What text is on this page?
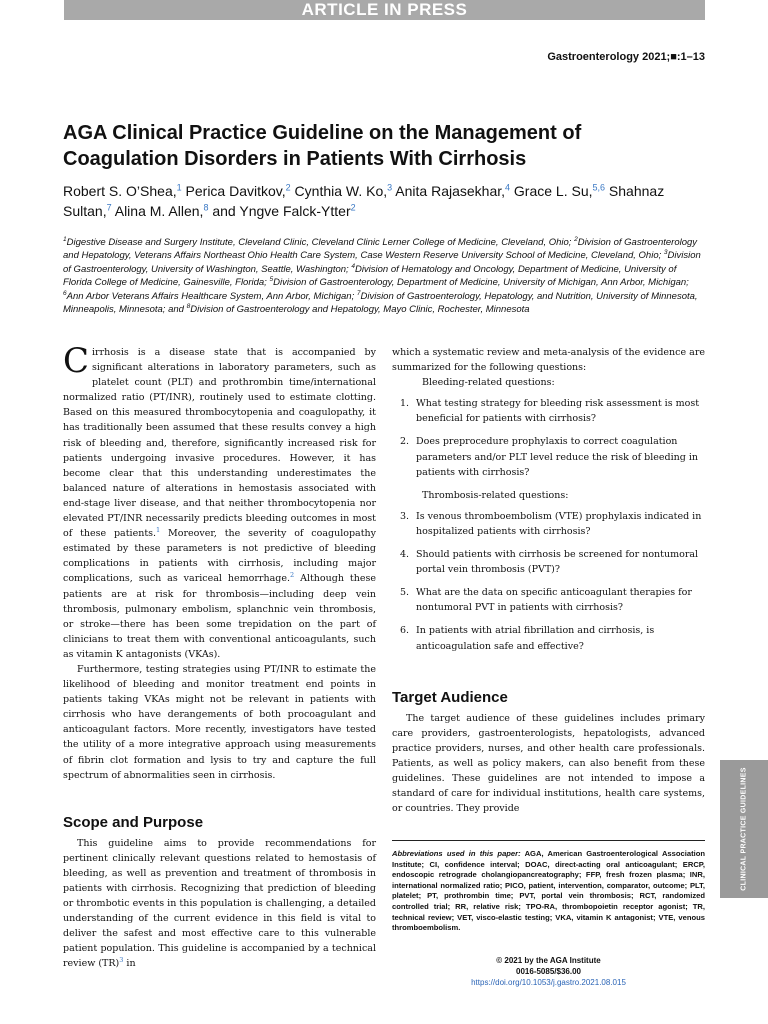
ARTICLE IN PRESS
Gastroenterology 2021;■:1–13
AGA Clinical Practice Guideline on the Management of Coagulation Disorders in Patients With Cirrhosis
Robert S. O’Shea,$^1$ Perica Davitkov,$^2$ Cynthia W. Ko,$^3$ Anita Rajasekhar,$^4$ Grace L. Su,$^{5,6}$ Shahnaz Sultan,$^7$ Alina M. Allen,$^8$ and Yngve Falck-Ytter$^2$
$^1$Digestive Disease and Surgery Institute, Cleveland Clinic, Cleveland Clinic Lerner College of Medicine, Cleveland, Ohio; $^2$Division of Gastroenterology and Hepatology, Veterans Affairs Northeast Ohio Health Care System, Case Western Reserve University School of Medicine, Cleveland, Ohio; $^3$Division of Gastroenterology, University of Washington, Seattle, Washington; $^4$Division of Hematology and Oncology, Department of Medicine, University of Florida College of Medicine, Gainesville, Florida; $^5$Division of Gastroenterology, Department of Medicine, University of Michigan, Ann Arbor, Michigan; $^6$Ann Arbor Veterans Affairs Healthcare System, Ann Arbor, Michigan; $^7$Division of Gastroenterology, Hepatology, and Nutrition, University of Minnesota, Minneapolis, Minnesota; and $^8$Division of Gastroenterology and Hepatology, Mayo Clinic, Rochester, Minnesota

Cirrhosis is a disease state that is accompanied by significant alterations in laboratory parameters, such as platelet count (PLT) and prothrombin time/international normalized ratio (PT/INR), routinely used to estimate clotting. Based on this measured thrombocytopenia and coagulopathy, it has traditionally been assumed that these results convey a high risk of bleeding and, therefore, significantly increased risk for patients undergoing invasive procedures. However, it has become clear that this understanding underestimates the balanced nature of alterations in hemostasis associated with end-stage liver disease, and that neither thrombocytopenia nor elevated PT/INR necessarily predicts bleeding outcomes in most of these patients.$^1$ Moreover, the severity of coagulopathy estimated by these parameters is not predictive of bleeding complications in patients with cirrhosis, including major complications, such as variceal hemorrhage.$^2$ Although these patients are at risk for thrombosis—including deep vein thrombosis, pulmonary embolism, splanchnic vein thrombosis, or stroke—there has been some trepidation on the part of clinicians to treat them with conventional anticoagulants, such as vitamin K antagonists (VKAs).

Furthermore, testing strategies using PT/INR to estimate the likelihood of bleeding and monitor treatment end points in patients taking VKAs might not be relevant in patients with cirrhosis who have derangements of both procoagulant and anticoagulant factors. More recently, investigators have tested the utility of a more integrative approach using measurements of fibrin clot formation and lysis to try and capture the full spectrum of abnormalities seen in cirrhosis.

Scope and Purpose

This guideline aims to provide recommendations for pertinent clinically relevant questions related to hemostasis of bleeding, as well as prevention and treatment of thrombosis in patients with cirrhosis. Recognizing that prediction of bleeding or thrombotic events in this population is challenging, a detailed understanding of the current evidence in this field is vital to deliver the safest and most effective care to this vulnerable patient population. This guideline is accompanied by a technical review (TR)$^3$ in

which a systematic review and meta-analysis of the evidence are summarized for the following questions:

Bleeding-related questions:

1. What testing strategy for bleeding risk assessment is most beneficial for patients with cirrhosis?
2. Does preprocedure prophylaxis to correct coagulation parameters and/or PLT level reduce the risk of bleeding in patients with cirrhosis?

Thrombosis-related questions:

3. Is venous thromboembolism (VTE) prophylaxis indicated in hospitalized patients with cirrhosis?
4. Should patients with cirrhosis be screened for nontumoral portal vein thrombosis (PVT)?
5. What are the data on specific anticoagulant therapies for nontumoral PVT in patients with cirrhosis?
6. In patients with atrial fibrillation and cirrhosis, is anticoagulation safe and effective?
Target Audience

The target audience of these guidelines includes primary care providers, gastroenterologists, hepatologists, advanced practice providers, nurses, and other health care professionals. Patients, as well as policy makers, can also benefit from these guidelines. These guidelines are not intended to impose a standard of care for individual institutions, health care systems, or countries. They provide

Abbreviations used in this paper: AGA, American Gastroenterological Association Institute; CI, confidence interval; DOAC, direct-acting oral anticoagulant; ERCP, endoscopic retrograde cholangiopancreatography; FFP, fresh frozen plasma; INR, international normalized ratio; PICO, patient, intervention, comparator, outcome; PLT, platelet; PT, prothrombin time; PVT, portal vein thrombosis; RCT, randomized controlled trial; RR, relative risk; TPO-RA, thrombopoietin receptor agonist; TR, technical review; VET, visco-elastic testing; VKA, vitamin K antagonist; VTE, venous thromboembolism.
© 2021 by the AGA Institute
0016-5085/$36.00
https://doi.org/10.1053/j.gastro.2021.08.015
CLINICAL PRACTICE GUIDELINES
